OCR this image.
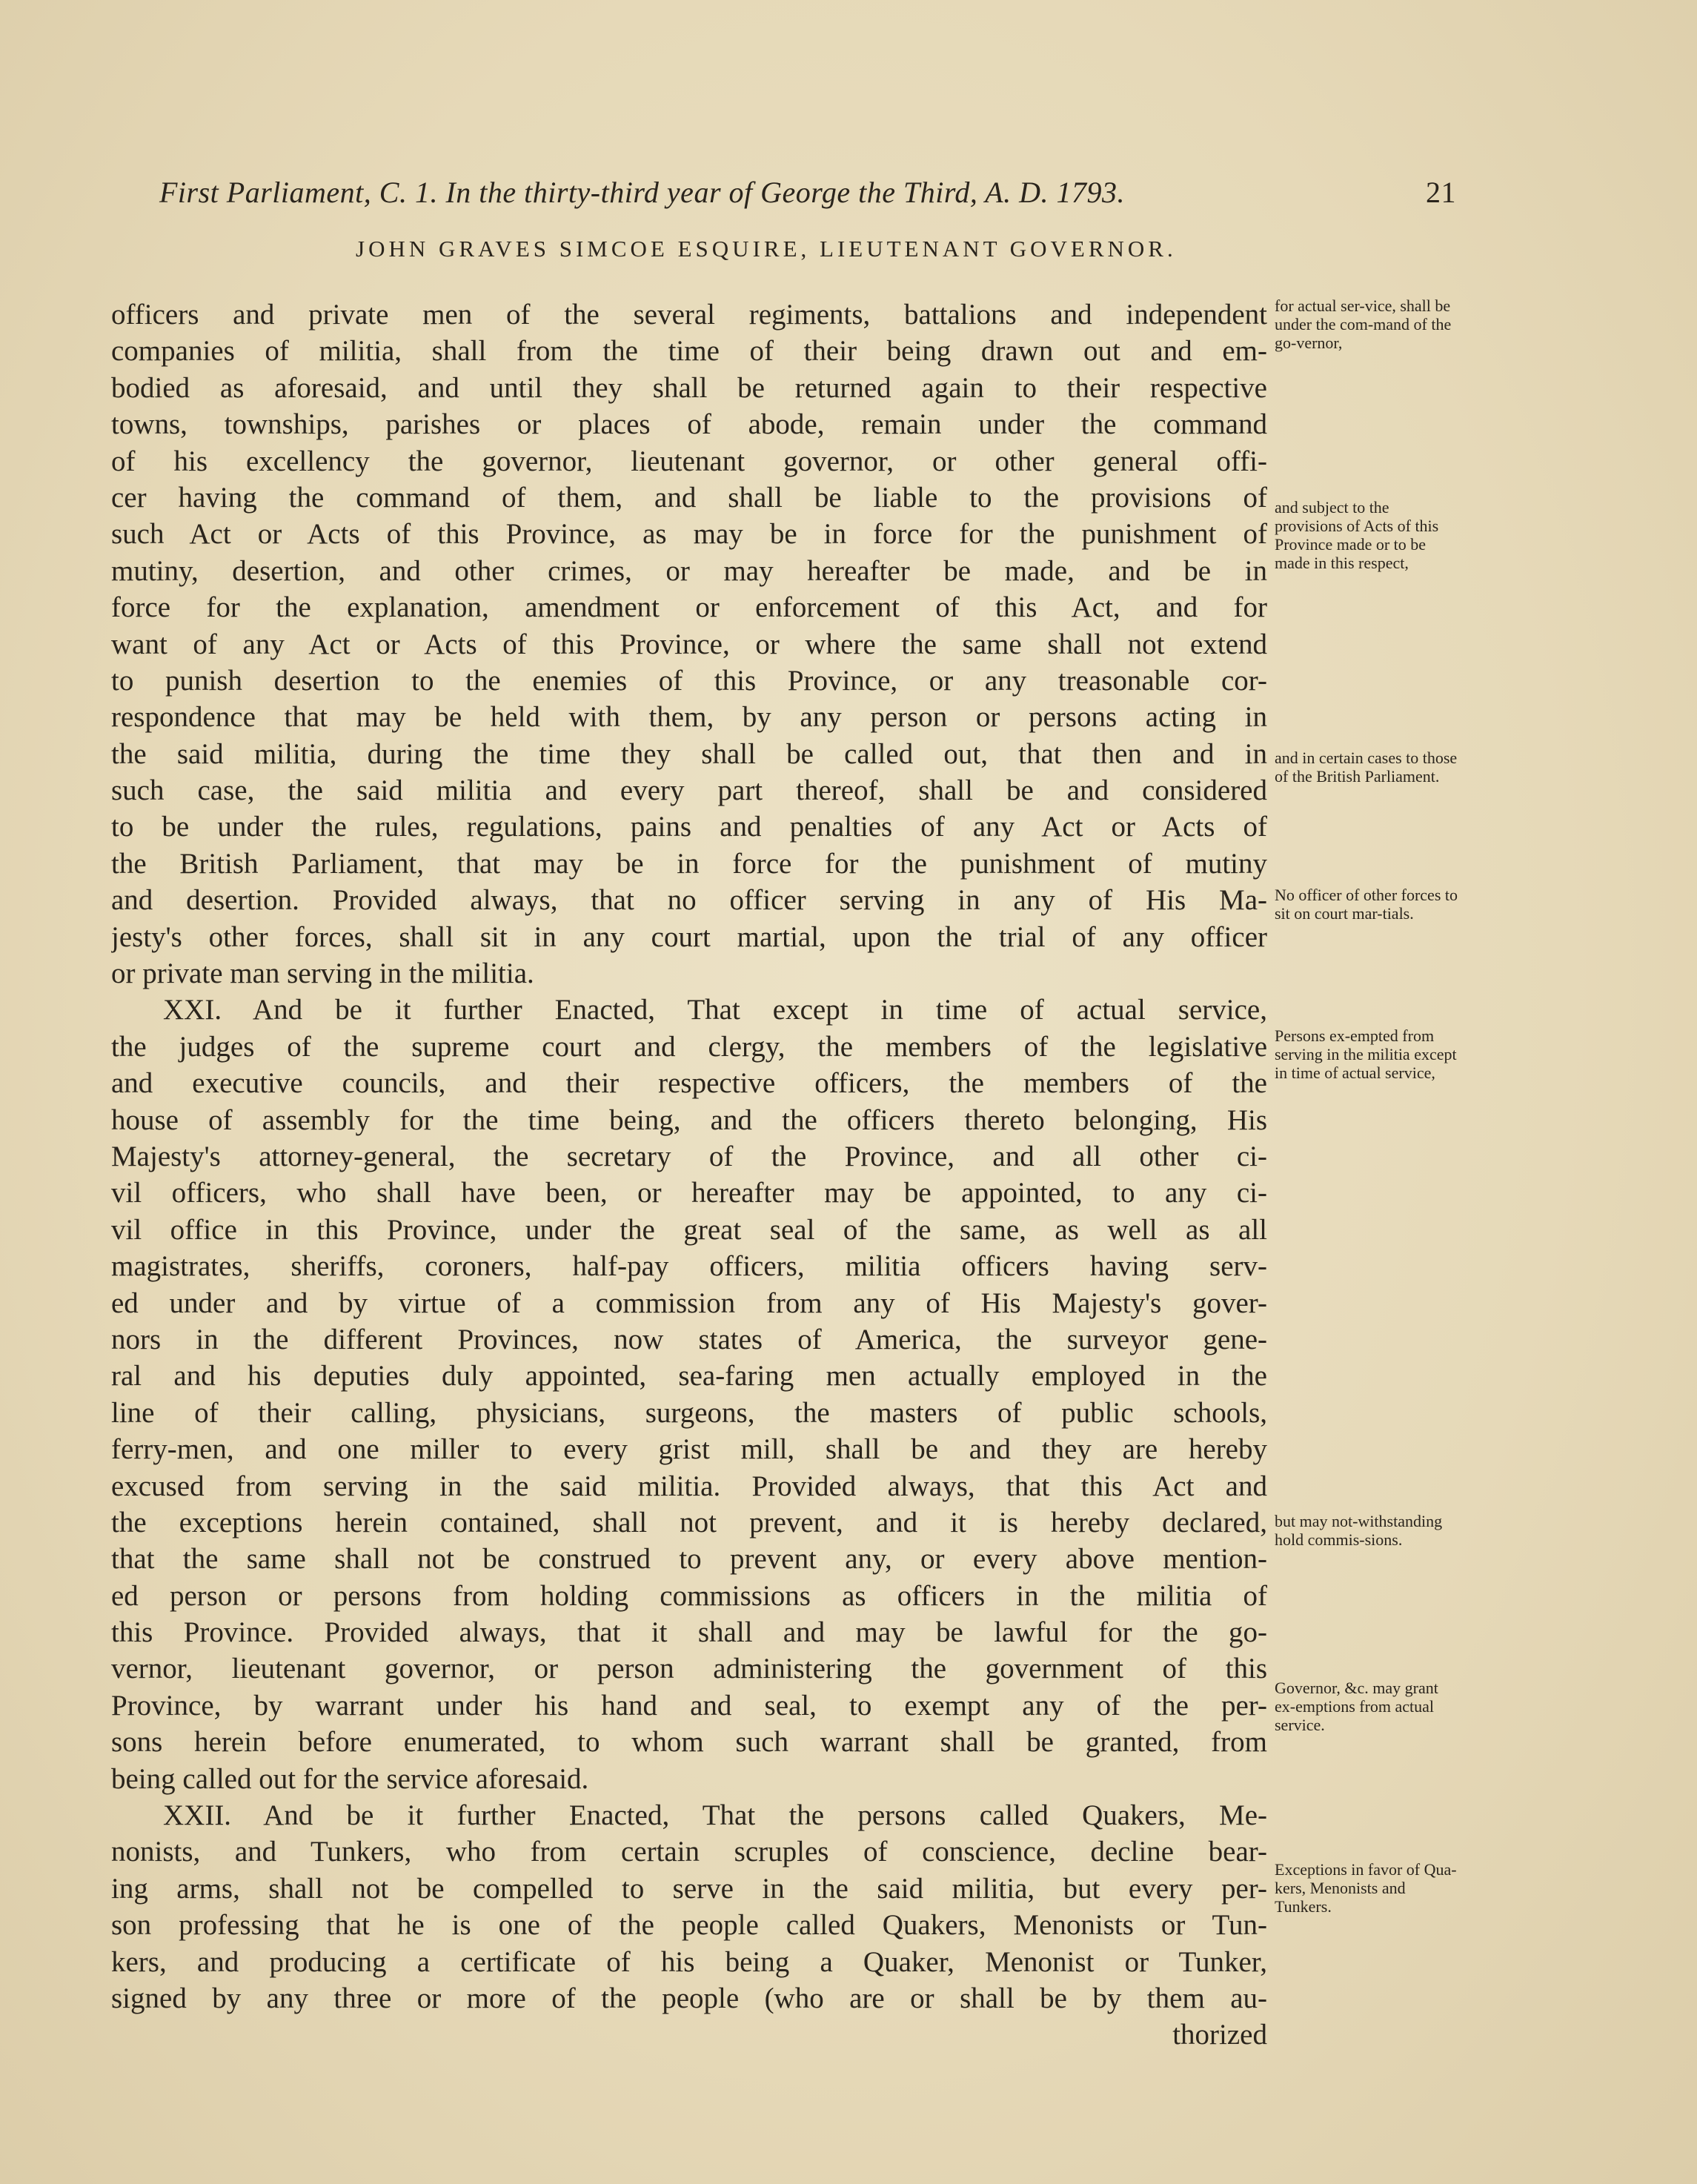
First Parliament, C. 1. In the thirty-third year of George the Third, A. D. 1793.	21
JOHN GRAVES SIMCOE ESQUIRE, LIEUTENANT GOVERNOR.
officers and private men of the several regiments, battalions and independent
companies of militia, shall from the time of their being drawn out and em-
bodied as aforesaid, and until they shall be returned again to their respective
towns, townships, parishes or places of abode, remain under the command
of his excellency the governor, lieutenant governor, or other general offi-
cer having the command of them, and shall be liable to the provisions of
such Act or Acts of this Province, as may be in force for the punishment of
mutiny, desertion, and other crimes, or may hereafter be made, and be in
force for the explanation, amendment or enforcement of this Act, and for
want of any Act or Acts of this Province, or where the same shall not extend
to punish desertion to the enemies of this Province, or any treasonable cor-
respondence that may be held with them, by any person or persons acting in
the said militia, during the time they shall be called out, that then and in
such case, the said militia and every part thereof, shall be and considered
to be under the rules, regulations, pains and penalties of any Act or Acts of
the British Parliament, that may be in force for the punishment of mutiny
and desertion. Provided always, that no officer serving in any of His Ma-
jesty's other forces, shall sit in any court martial, upon the trial of any officer
or private man serving in the militia.
XXI. And be it further Enacted, That except in time of actual service,
the judges of the supreme court and clergy, the members of the legislative
and executive councils, and their respective officers, the members of the
house of assembly for the time being, and the officers thereto belonging, His
Majesty's attorney-general, the secretary of the Province, and all other ci-
vil officers, who shall have been, or hereafter may be appointed, to any ci-
vil office in this Province, under the great seal of the same, as well as all
magistrates, sheriffs, coroners, half-pay officers, militia officers having serv-
ed under and by virtue of a commission from any of His Majesty's gover-
nors in the different Provinces, now states of America, the surveyor gene-
ral and his deputies duly appointed, sea-faring men actually employed in the
line of their calling, physicians, surgeons, the masters of public schools,
ferry-men, and one miller to every grist mill, shall be and they are hereby
excused from serving in the said militia. Provided always, that this Act and
the exceptions herein contained, shall not prevent, and it is hereby declared,
that the same shall not be construed to prevent any, or every above mention-
ed person or persons from holding commissions as officers in the militia of
this Province. Provided always, that it shall and may be lawful for the go-
vernor, lieutenant governor, or person administering the government of this
Province, by warrant under his hand and seal, to exempt any of the per-
sons herein before enumerated, to whom such warrant shall be granted, from
being called out for the service aforesaid.
XXII. And be it further Enacted, That the persons called Quakers, Me-
nonists, and Tunkers, who from certain scruples of conscience, decline bear-
ing arms, shall not be compelled to serve in the said militia, but every per-
son professing that he is one of the people called Quakers, Menonists or Tun-
kers, and producing a certificate of his being a Quaker, Menonist or Tunker,
signed by any three or more of the people (who are or shall be by them au-
thorized

for actual ser-vice, shall be under the com-mand of the go-vernor,

and subject to the provisions of Acts of this Province made or to be made in this respect,

and in certain cases to those of the British Parliament.

No officer of other forces to sit on court mar-tials.

Persons ex-empted from serving in the militia except in time of actual service,

but may not-withstanding hold commis-sions.

Governor, &c. may grant ex-emptions from actual service.

Exceptions in favor of Qua-kers, Menonists and Tunkers.
